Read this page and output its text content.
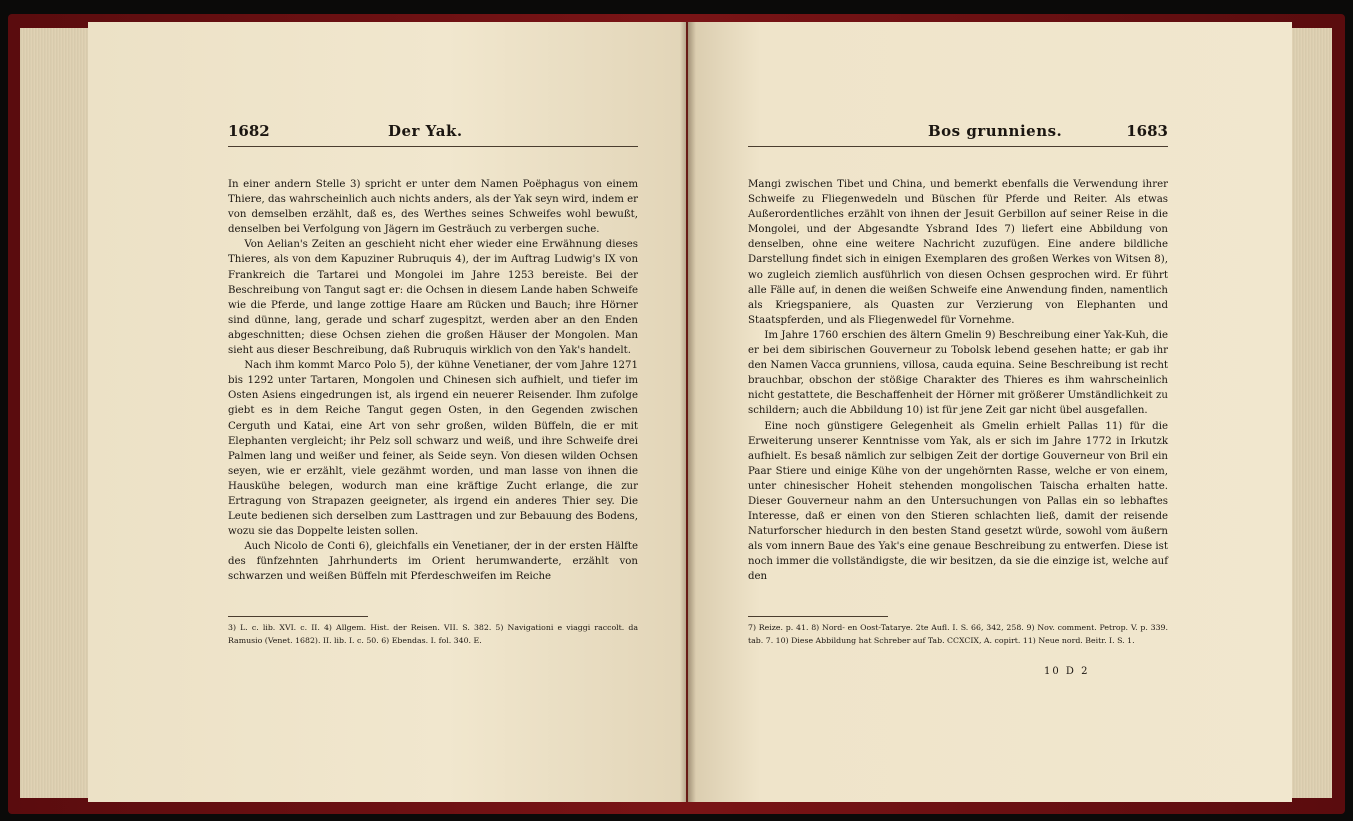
1682	Der Yak.

In einer andern Stelle 3) spricht er unter dem Namen Poëphagus von einem Thiere, das wahrscheinlich auch nichts anders, als der Yak seyn wird, indem er von demselben erzählt, daß es, des Werthes seines Schweifes wohl bewußt, denselben bei Verfolgung von Jägern im Gesträuch zu verbergen suche.

Von Aelian's Zeiten an geschieht nicht eher wieder eine Erwähnung dieses Thieres, als von dem Kapuziner Rubruquis 4), der im Auftrag Ludwig's IX von Frankreich die Tartarei und Mongolei im Jahre 1253 bereiste. Bei der Beschreibung von Tangut sagt er: die Ochsen in diesem Lande haben Schweife wie die Pferde, und lange zottige Haare am Rücken und Bauch; ihre Hörner sind dünne, lang, gerade und scharf zugespitzt, werden aber an den Enden abgeschnitten; diese Ochsen ziehen die großen Häuser der Mongolen. Man sieht aus dieser Beschreibung, daß Rubruquis wirklich von den Yak's handelt.

Nach ihm kommt Marco Polo 5), der kühne Venetianer, der vom Jahre 1271 bis 1292 unter Tartaren, Mongolen und Chinesen sich aufhielt, und tiefer im Osten Asiens eingedrungen ist, als irgend ein neuerer Reisender. Ihm zufolge giebt es in dem Reiche Tangut gegen Osten, in den Gegenden zwischen Cerguth und Katai, eine Art von sehr großen, wilden Büffeln, die er mit Elephanten vergleicht; ihr Pelz soll schwarz und weiß, und ihre Schweife drei Palmen lang und weißer und feiner, als Seide seyn. Von diesen wilden Ochsen seyen, wie er erzählt, viele gezähmt worden, und man lasse von ihnen die Hauskühe belegen, wodurch man eine kräftige Zucht erlange, die zur Ertragung von Strapazen geeigneter, als irgend ein anderes Thier sey. Die Leute bedienen sich derselben zum Lasttragen und zur Bebauung des Bodens, wozu sie das Doppelte leisten sollen.

Auch Nicolo de Conti 6), gleichfalls ein Venetianer, der in der ersten Hälfte des fünfzehnten Jahrhunderts im Orient herumwanderte, erzählt von schwarzen und weißen Büffeln mit Pferdeschweifen im Reiche

3) L. c. lib. XVI. c. II. 4) Allgem. Hist. der Reisen. VII. S. 382. 5) Navigationi e viaggi raccolt. da Ramusio (Venet. 1682). II. lib. I. c. 50. 6) Ebendas. I. fol. 340. E.
Bos grunniens.	1683

Mangi zwischen Tibet und China, und bemerkt ebenfalls die Verwendung ihrer Schweife zu Fliegenwedeln und Büschen für Pferde und Reiter. Als etwas Außerordentliches erzählt von ihnen der Jesuit Gerbillon auf seiner Reise in die Mongolei, und der Abgesandte Ysbrand Ides 7) liefert eine Abbildung von denselben, ohne eine weitere Nachricht zuzufügen. Eine andere bildliche Darstellung findet sich in einigen Exemplaren des großen Werkes von Witsen 8), wo zugleich ziemlich ausführlich von diesen Ochsen gesprochen wird. Er führt alle Fälle auf, in denen die weißen Schweife eine Anwendung finden, namentlich als Kriegspaniere, als Quasten zur Verzierung von Elephanten und Staatspferden, und als Fliegenwedel für Vornehme.

Im Jahre 1760 erschien des ältern Gmelin 9) Beschreibung einer Yak-Kuh, die er bei dem sibirischen Gouverneur zu Tobolsk lebend gesehen hatte; er gab ihr den Namen Vacca grunniens, villosa, cauda equina. Seine Beschreibung ist recht brauchbar, obschon der stößige Charakter des Thieres es ihm wahrscheinlich nicht gestattete, die Beschaffenheit der Hörner mit größerer Umständlichkeit zu schildern; auch die Abbildung 10) ist für jene Zeit gar nicht übel ausgefallen.

Eine noch günstigere Gelegenheit als Gmelin erhielt Pallas 11) für die Erweiterung unserer Kenntnisse vom Yak, als er sich im Jahre 1772 in Irkutzk aufhielt. Es besaß nämlich zur selbigen Zeit der dortige Gouverneur von Bril ein Paar Stiere und einige Kühe von der ungehörnten Rasse, welche er von einem, unter chinesischer Hoheit stehenden mongolischen Taischa erhalten hatte. Dieser Gouverneur nahm an den Untersuchungen von Pallas ein so lebhaftes Interesse, daß er einen von den Stieren schlachten ließ, damit der reisende Naturforscher hiedurch in den besten Stand gesetzt würde, sowohl vom äußern als vom innern Baue des Yak's eine genaue Beschreibung zu entwerfen. Diese ist noch immer die vollständigste, die wir besitzen, da sie die einzige ist, welche auf den

7) Reize. p. 41. 8) Nord- en Oost-Tatarye. 2te Aufl. I. S. 66, 342, 258. 9) Nov. comment. Petrop. V. p. 339. tab. 7. 10) Diese Abbildung hat Schreber auf Tab. CCXCIX, A. copirt. 11) Neue nord. Beitr. I. S. 1.
10 D 2
